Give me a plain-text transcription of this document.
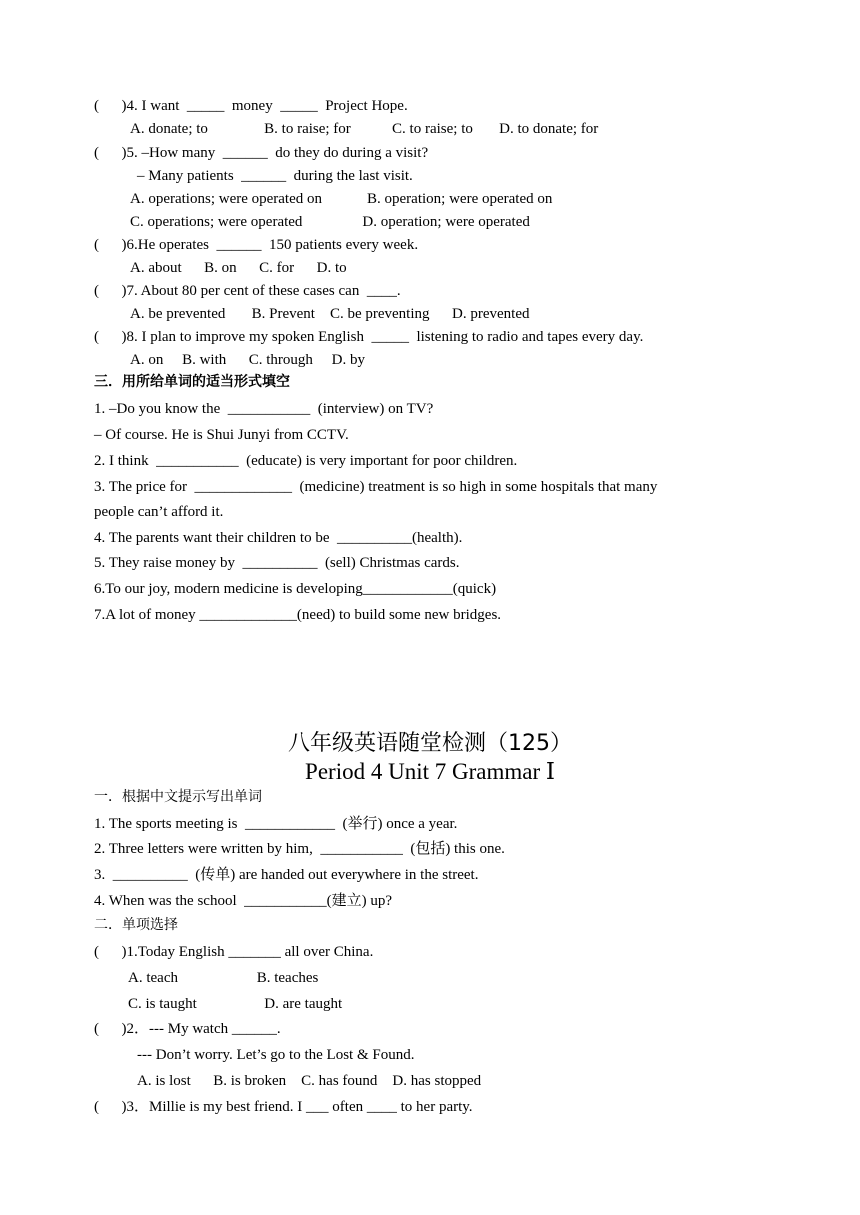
(      )4. I want  _____  money  _____  Project Hope.
A. donate; to               B. to raise; for           C. to raise; to       D. to donate; for
(      )5. –How many  ______  do they do during a visit?
– Many patients  ______  during the last visit.
A. operations; were operated on            B. operation; were operated on
C. operations; were operated                D. operation; were operated
(      )6.He operates  ______  150 patients every week.
A. about      B. on      C. for      D. to
(      )7. About 80 per cent of these cases can  ____.
A. be prevented       B. Prevent    C. be preventing      D. prevented
(      )8. I plan to improve my spoken English  _____  listening to radio and tapes every day.
A. on     B. with      C. through     D. by
三．用所给单词的适当形式填空
1. –Do you know the  ___________  (interview) on TV?
– Of course. He is Shui Junyi from CCTV.
2. I think  ___________  (educate) is very important for poor children.
3. The price for  _____________  (medicine) treatment is so high in some hospitals that many
people can’t afford it.
4. The parents want their children to be  __________(health).
5. They raise money by  __________  (sell) Christmas cards.
6.To our joy, modern medicine is developing____________(quick)
7.A lot of money _____________(need) to build some new bridges.
八年级英语随堂检测（125）
Period 4 Unit 7 Grammar Ⅰ
一．根据中文提示写出单词
1. The sports meeting is  ____________  (举行) once a year.
2. Three letters were written by him,  ___________  (包括) this one.
3.  __________  (传单) are handed out everywhere in the street.
4. When was the school  ___________(建立) up?
二．单项选择
(      )1.Today English _______ all over China.
A. teach                     B. teaches
C. is taught                  D. are taught
(      )2．--- My watch ______.
--- Don’t worry. Let’s go to the Lost & Found.
A. is lost      B. is broken    C. has found    D. has stopped
(      )3．Millie is my best friend. I ___ often ____ to her party.
